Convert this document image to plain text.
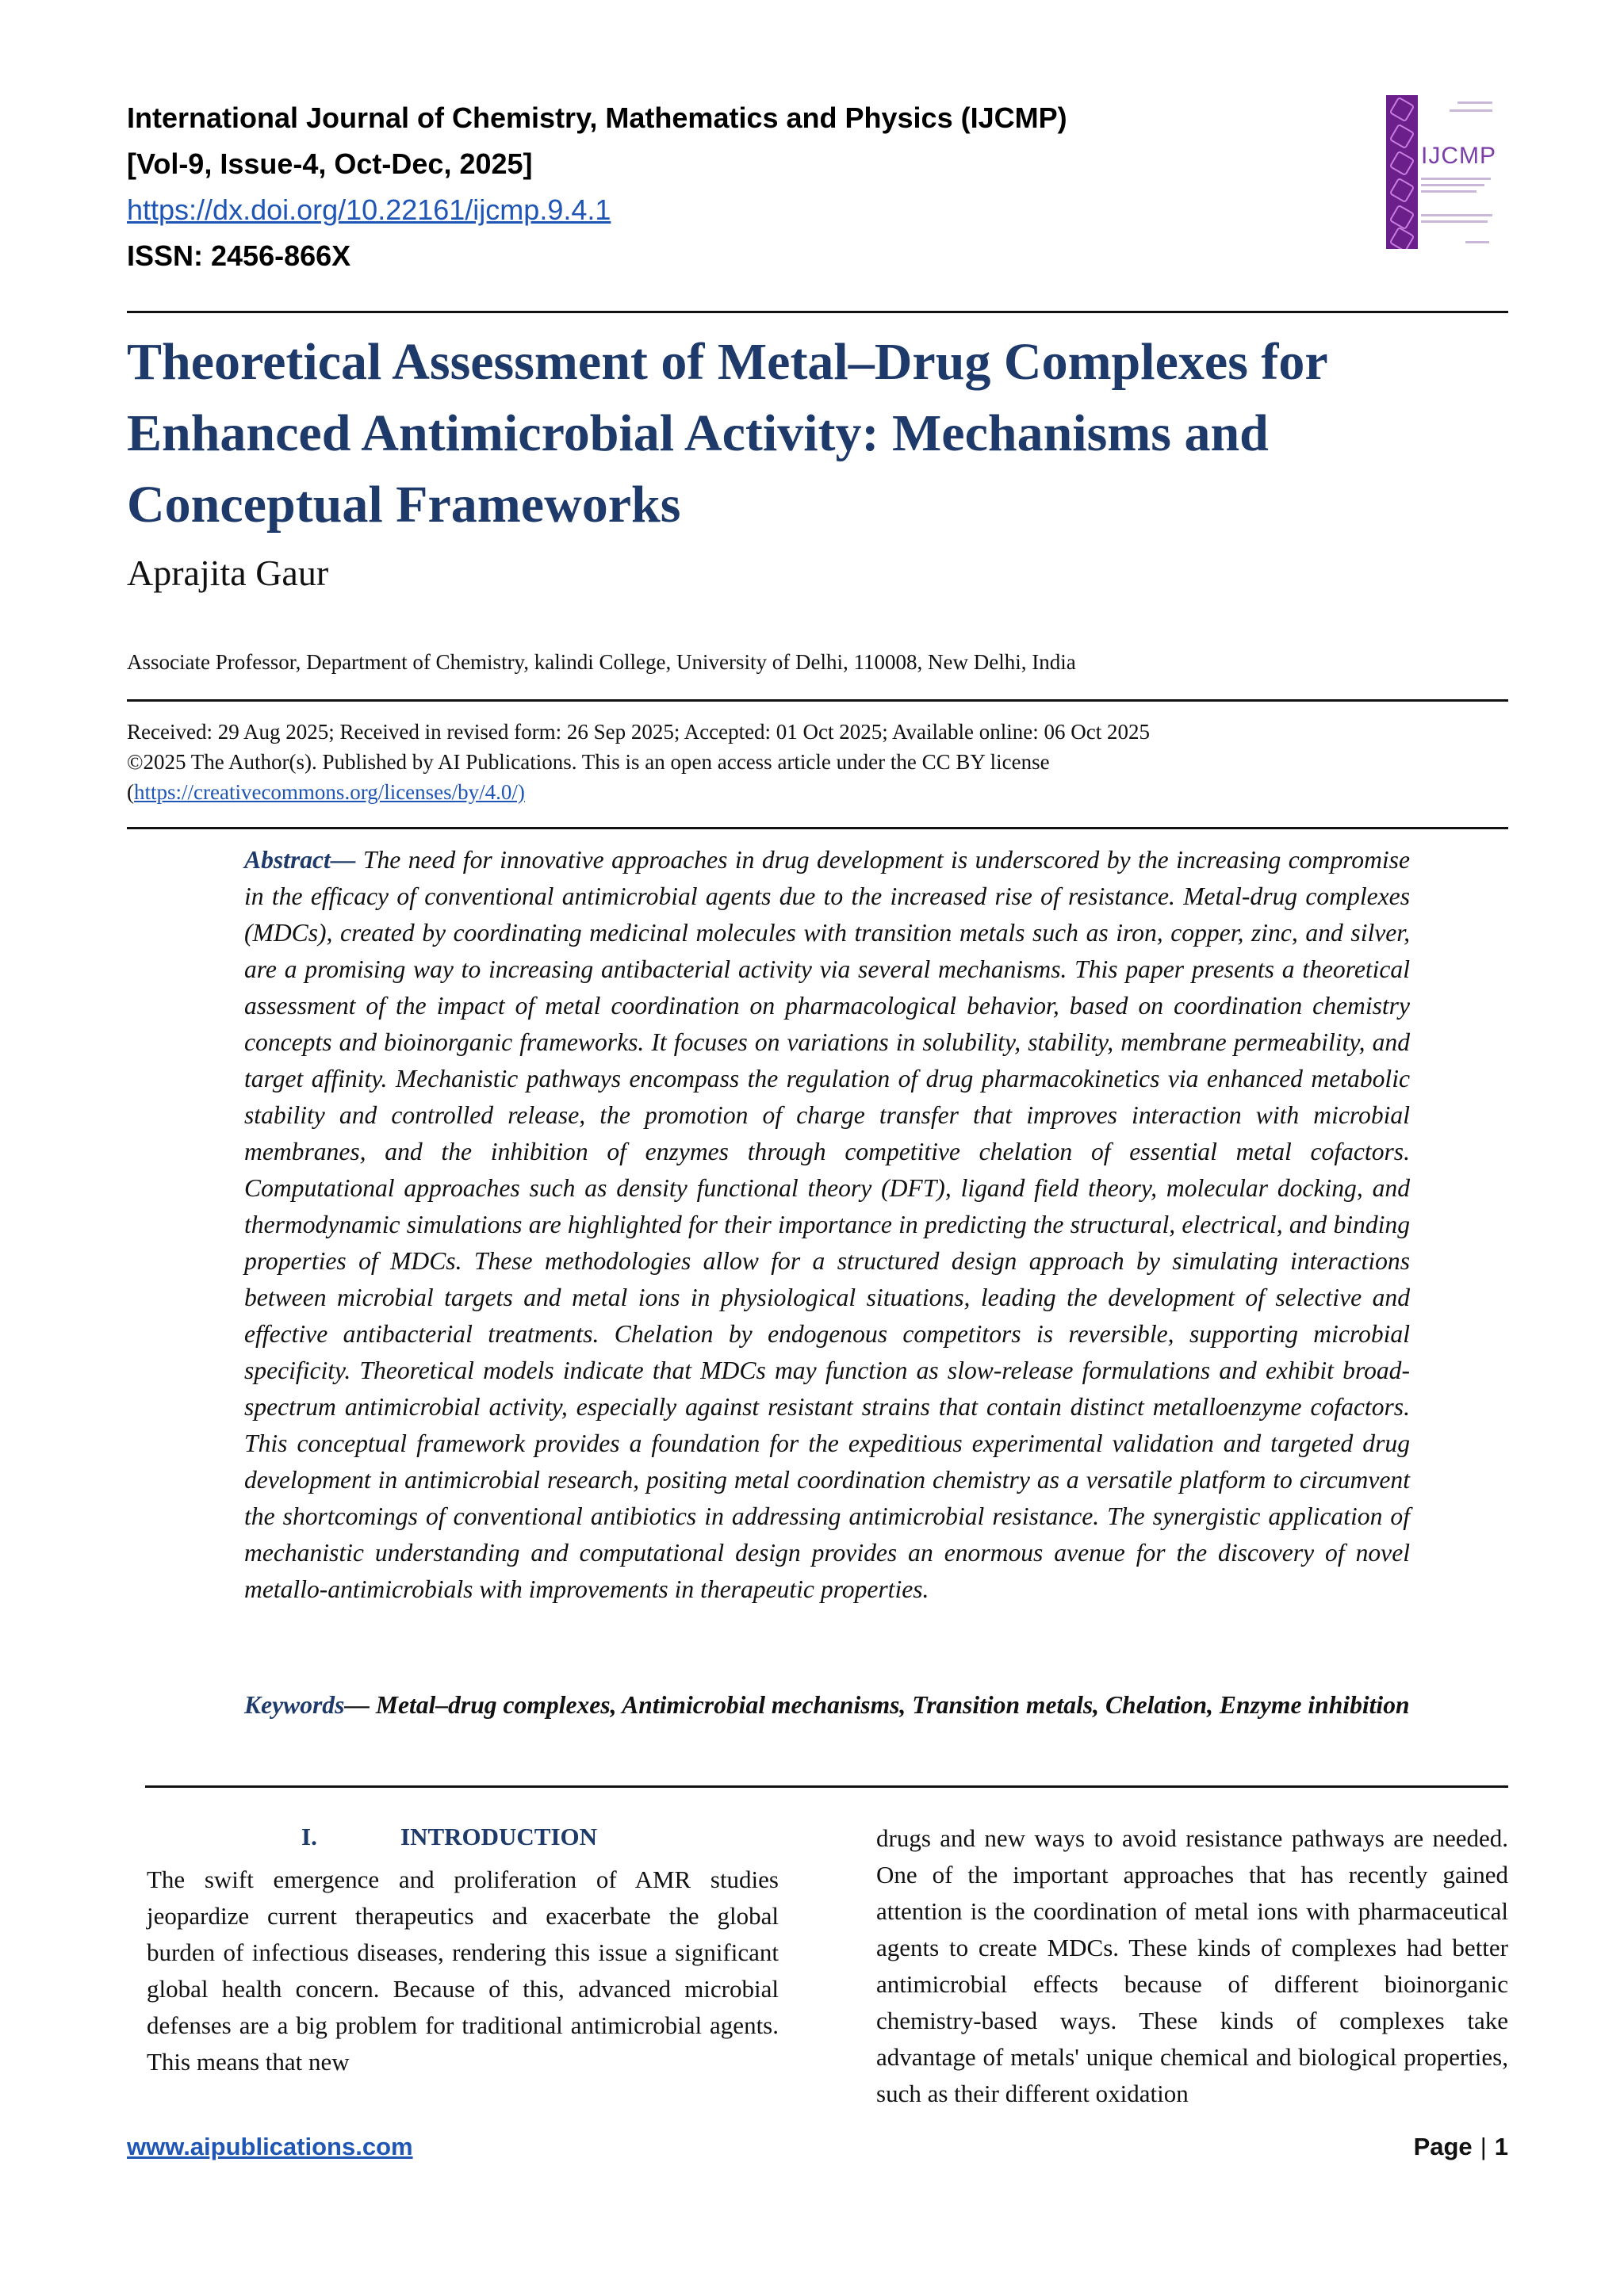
International Journal of Chemistry, Mathematics and Physics (IJCMP)
[Vol-9, Issue-4, Oct-Dec, 2025]
https://dx.doi.org/10.22161/ijcmp.9.4.1
ISSN: 2456-866X
IJCMP
Theoretical Assessment of Metal–Drug Complexes for Enhanced Antimicrobial Activity: Mechanisms and Conceptual Frameworks
Aprajita Gaur
Associate Professor, Department of Chemistry, kalindi College, University of Delhi, 110008, New Delhi, India
Received: 29 Aug 2025; Received in revised form: 26 Sep 2025; Accepted: 01 Oct 2025; Available online: 06 Oct 2025
©2025 The Author(s). Published by AI Publications. This is an open access article under the CC BY license
(https://creativecommons.org/licenses/by/4.0/)
Abstract— The need for innovative approaches in drug development is underscored by the increasing compromise in the efficacy of conventional antimicrobial agents due to the increased rise of resistance. Metal-drug complexes (MDCs), created by coordinating medicinal molecules with transition metals such as iron, copper, zinc, and silver, are a promising way to increasing antibacterial activity via several mechanisms. This paper presents a theoretical assessment of the impact of metal coordination on pharmacological behavior, based on coordination chemistry concepts and bioinorganic frameworks. It focuses on variations in solubility, stability, membrane permeability, and target affinity. Mechanistic pathways encompass the regulation of drug pharmacokinetics via enhanced metabolic stability and controlled release, the promotion of charge transfer that improves interaction with microbial membranes, and the inhibition of enzymes through competitive chelation of essential metal cofactors. Computational approaches such as density functional theory (DFT), ligand field theory, molecular docking, and thermodynamic simulations are highlighted for their importance in predicting the structural, electrical, and binding properties of MDCs. These methodologies allow for a structured design approach by simulating interactions between microbial targets and metal ions in physiological situations, leading the development of selective and effective antibacterial treatments. Chelation by endogenous competitors is reversible, supporting microbial specificity. Theoretical models indicate that MDCs may function as slow-release formulations and exhibit broad-spectrum antimicrobial activity, especially against resistant strains that contain distinct metalloenzyme cofactors. This conceptual framework provides a foundation for the expeditious experimental validation and targeted drug development in antimicrobial research, positing metal coordination chemistry as a versatile platform to circumvent the shortcomings of conventional antibiotics in addressing antimicrobial resistance. The synergistic application of mechanistic understanding and computational design provides an enormous avenue for the discovery of novel metallo-antimicrobials with improvements in therapeutic properties.
Keywords— Metal–drug complexes, Antimicrobial mechanisms, Transition metals, Chelation, Enzyme inhibition
I.	INTRODUCTION
The swift emergence and proliferation of AMR studies jeopardize current therapeutics and exacerbate the global burden of infectious diseases, rendering this issue a significant global health concern. Because of this, advanced microbial defenses are a big problem for traditional antimicrobial agents. This means that new
drugs and new ways to avoid resistance pathways are needed. One of the important approaches that has recently gained attention is the coordination of metal ions with pharmaceutical agents to create MDCs. These kinds of complexes had better antimicrobial effects because of different bioinorganic chemistry-based ways. These kinds of complexes take advantage of metals' unique chemical and biological properties, such as their different oxidation
www.aipublications.com	Page | 1
